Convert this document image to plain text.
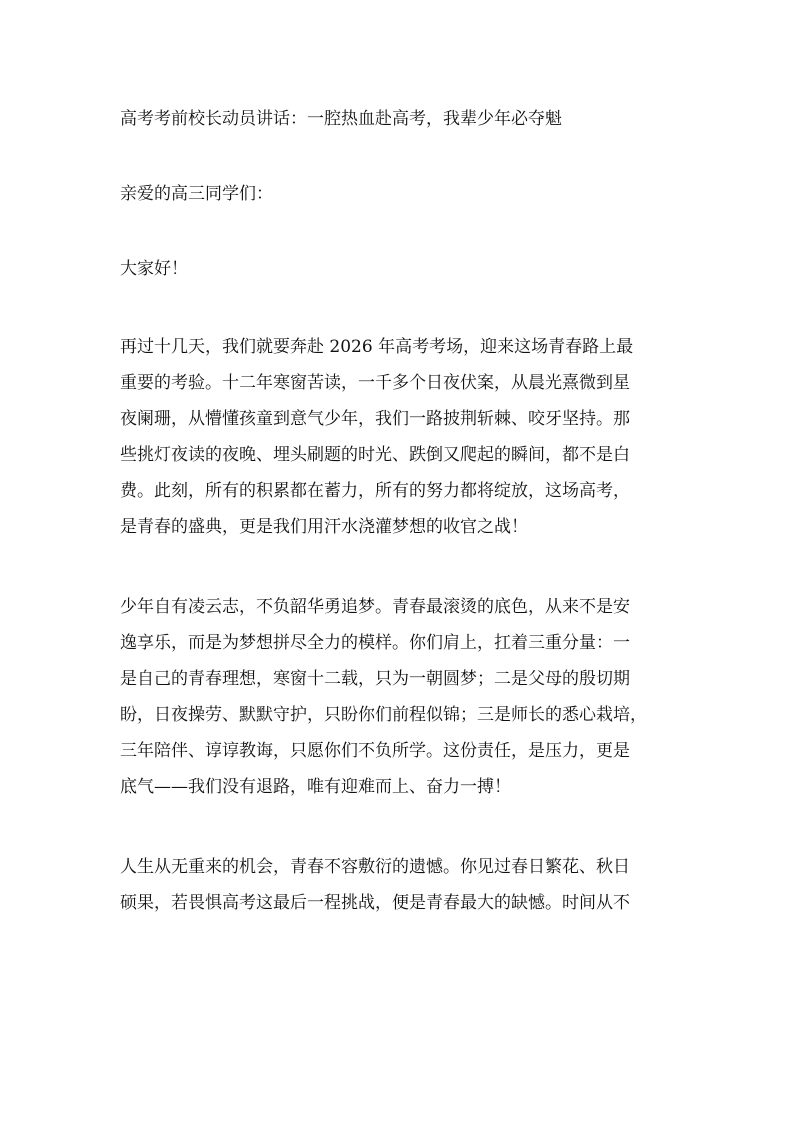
高考考前校长动员讲话：一腔热血赴高考，我辈少年必夺魁

亲爱的高三同学们：

大家好！

再过十几天，我们就要奔赴 2026 年高考考场，迎来这场青春路上最
重要的考验。十二年寒窗苦读，一千多个日夜伏案，从晨光熹微到星
夜阑珊，从懵懂孩童到意气少年，我们一路披荆斩棘、咬牙坚持。那
些挑灯夜读的夜晚、埋头刷题的时光、跌倒又爬起的瞬间，都不是白
费。此刻，所有的积累都在蓄力，所有的努力都将绽放，这场高考，
是青春的盛典，更是我们用汗水浇灌梦想的收官之战！

少年自有凌云志，不负韶华勇追梦。青春最滚烫的底色，从来不是安
逸享乐，而是为梦想拼尽全力的模样。你们肩上，扛着三重分量：一
是自己的青春理想，寒窗十二载，只为一朝圆梦；二是父母的殷切期
盼，日夜操劳、默默守护，只盼你们前程似锦；三是师长的悉心栽培，
三年陪伴、谆谆教诲，只愿你们不负所学。这份责任，是压力，更是
底气——我们没有退路，唯有迎难而上、奋力一搏！

人生从无重来的机会，青春不容敷衍的遗憾。你见过春日繁花、秋日
硕果，若畏惧高考这最后一程挑战，便是青春最大的缺憾。时间从不
